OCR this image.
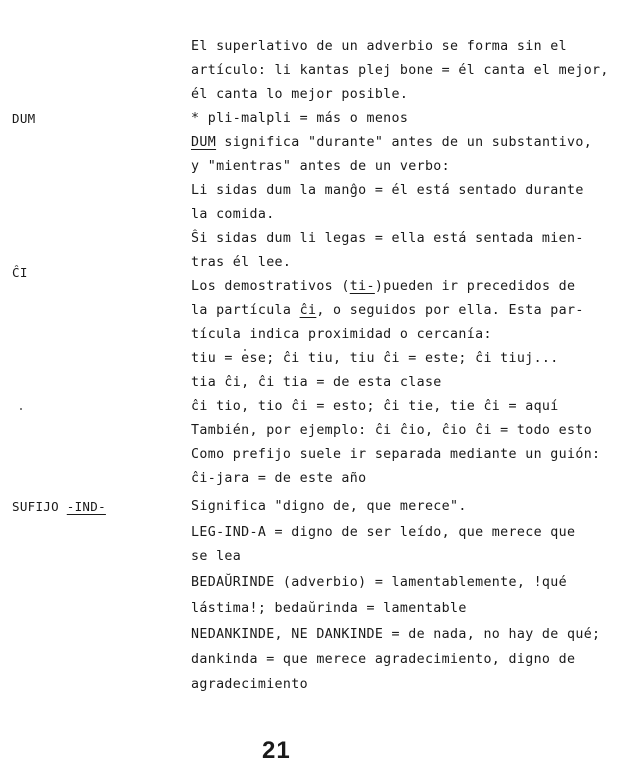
DUM
ĈI
SUFIJO -IND-
El superlativo de un adverbio se forma sin el
artículo: li kantas plej bone = él canta el mejor,
él canta lo mejor posible.
* pli-malpli = más o menos
DUM significa "durante" antes de un substantivo,
y "mientras" antes de un verbo:
Li sidas dum la manĝo = él está sentado durante
la comida.
Ŝi sidas dum li legas = ella está sentada mien-
tras él lee.
Los demostrativos (ti-)pueden ir precedidos de
la partícula ĉi, o seguidos por ella. Esta par-
tícula indica proximidad o cercanía:
tiu = ese; ĉi tiu, tiu ĉi = este; ĉi tiuj...
tia ĉi, ĉi tia = de esta clase
ĉi tio, tio ĉi = esto; ĉi tie, tie ĉi = aquí
También, por ejemplo: ĉi ĉio, ĉio ĉi = todo esto
Como prefijo suele ir separada mediante un guión:
ĉi-jara = de este año
Significa "digno de, que merece".
LEG-IND-A = digno de ser leído, que merece que
se lea
BEDAŬRINDE (adverbio) = lamentablemente, !qué
lástima!; bedaŭrinda = lamentable
NEDANKINDE, NE DANKINDE = de nada, no hay de qué;
dankinda = que merece agradecimiento, digno de
agradecimiento
21
